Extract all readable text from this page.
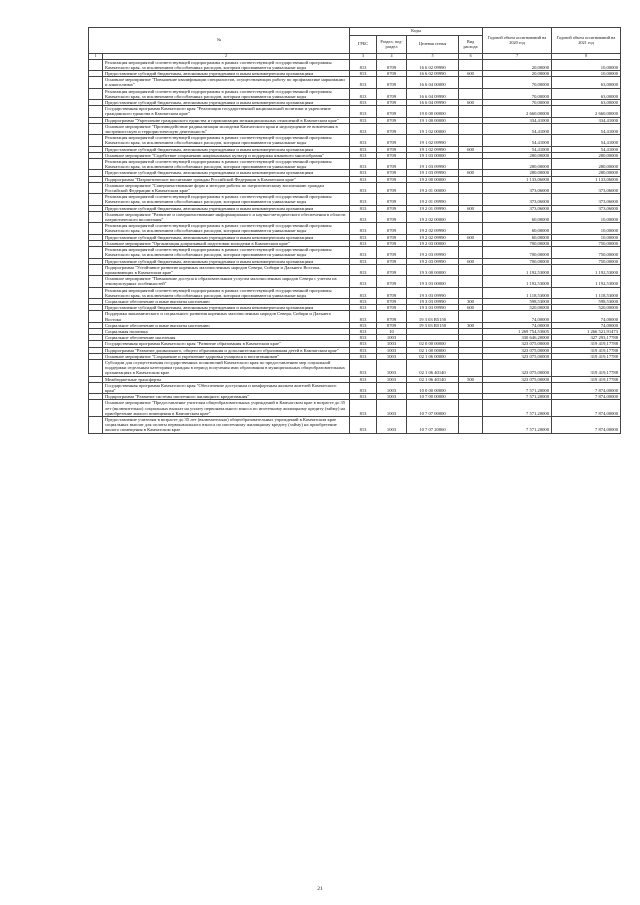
№		Коды				Годовой объем ассигнований на 2020 год	Годовой объем ассигнований на 2021 год
		ГРБС	Раздел, под- раздел	Целевая статья	Вид расхода		
1	2	3	4	5	6	7	8
	Реализация мероприятий соответствующей подпрограммы в рамках соответствующей государственной программы Камчатского края, за исключением обособленных расходов, которым присваиваются уникальные коды	813	0709	16 6 02 09990		20,00000	10,00000
	Предоставление субсидий бюджетным, автономным учреждениям и иным некоммерческим организациям	813	0709	16 6 02 09990	600	20,00000	10,00000
	Основное мероприятие "Повышение квалификации специалистов, осуществляющих работу по профилактике наркомании и алкоголизма"	813	0709	16 6 04 00000		70,00000	63,00000
	Реализация мероприятий соответствующей подпрограммы в рамках соответствующей государственной программы Камчатского края, за исключением обособленных расходов, которым присваиваются уникальные коды	813	0709	16 6 04 09990		70,00000	63,00000
	Предоставление субсидий бюджетным, автономным учреждениям и иным некоммерческим организациям	813	0709	16 6 04 09990	600	70,00000	63,00000
	Государственная программа Камчатского края "Реализация государственной национальной политики и укрепление гражданского единства в Камчатском крае"	813	0709	19 0 00 00000		2 660,00000	2 660,00000
	Подпрограмма "Укрепление гражданского единства и гармонизация межнациональных отношений в Камчатском крае"	813	0709	19 1 00 00000		334,41000	334,41000
	Основное мероприятие "Противодействие радикализации молодежи Камчатского края и недопущение ее вовлечения в экстремистскую и террористическую деятельность"	813	0709	19 1 02 00000		54,41000	54,41000
	Реализация мероприятий соответствующей подпрограммы в рамках соответствующей государственной программы Камчатского края, за исключением обособленных расходов, которым присваиваются уникальные коды	813	0709	19 1 02 09990		54,41000	54,41000
	Предоставление субсидий бюджетным, автономным учреждениям и иным некоммерческим организациям	813	0709	19 1 02 09990	600	54,41000	54,41000
	Основное мероприятие "Содействие сохранению национальных культур и поддержка языкового многообразия"	813	0709	19 1 03 00000		280,00000	280,00000
	Реализация мероприятий соответствующей подпрограммы в рамках соответствующей государственной программы Камчатского края, за исключением обособленных расходов, которым присваиваются уникальные коды	813	0709	19 1 03 09990		280,00000	280,00000
	Предоставление субсидий бюджетным, автономным учреждениям и иным некоммерческим организациям	813	0709	19 1 03 09990	600	280,00000	280,00000
	Подпрограмма "Патриотическое воспитание граждан Российской Федерации в Камчатском крае"	813	0709	19 2 00 00000		1 133,06000	1 133,06000
	Основное мероприятие "Совершенствование форм и методов работы по патриотическому воспитанию граждан Российской Федерации в Камчатском крае"	813	0709	19 2 01 00000		373,06000	373,06000
	Реализация мероприятий соответствующей подпрограммы в рамках соответствующей государственной программы Камчатского края, за исключением обособленных расходов, которым присваиваются уникальные коды	813	0709	19 2 01 09990		373,06000	373,06000
	Предоставление субсидий бюджетным, автономным учреждениям и иным некоммерческим организациям	813	0709	19 2 01 09990	600	373,06000	373,06000
	Основное мероприятие "Развитие и совершенствование информационного и научно-методического обеспечения в области патриотического воспитания"	813	0709	19 2 02 00000		60,00000	10,00000
	Реализация мероприятий соответствующей подпрограммы в рамках соответствующей государственной программы Камчатского края, за исключением обособленных расходов, которым присваиваются уникальные коды	813	0709	19 2 02 09990		60,00000	10,00000
	Предоставление субсидий бюджетным, автономным учреждениям и иным некоммерческим организациям	813	0709	19 2 02 09990	600	60,00000	10,00000
	Основное мероприятие "Организация допризывной подготовки молодежи в Камчатском крае"	813	0709	19 2 03 00000		700,00000	750,00000
	Реализация мероприятий соответствующей подпрограммы в рамках соответствующей государственной программы Камчатского края, за исключением обособленных расходов, которым присваиваются уникальные коды	813	0709	19 2 03 09990		700,00000	750,00000
	Предоставление субсидий бюджетным, автономным учреждениям и иным некоммерческим организациям	813	0709	19 2 03 09990	600	700,00000	750,00000
	Подпрограмма "Устойчивое развитие коренных малочисленных народов Севера, Сибири и Дальнего Востока, проживающих в Камчатском крае"	813	0709	19 3 00 00000		1 192,53000	1 192,53000
	Основное мероприятие "Повышение доступа к образовательным услугам малочисленных народов Севера с учетом их этнокультурных особенностей"	813	0709	19 3 03 00000		1 192,53000	1 192,53000
	Реализация мероприятий соответствующей подпрограммы в рамках соответствующей государственной программы Камчатского края, за исключением обособленных расходов, которым присваиваются уникальные коды	813	0709	19 3 03 09990		1 118,53000	1 118,53000
	Социальное обеспечение и иные выплаты населению	813	0709	19 3 03 09990	300	598,53000	598,53000
	Предоставление субсидий бюджетным, автономным учреждениям и иным некоммерческим организациям	813	0709	19 3 03 09990	600	520,00000	520,00000
	Поддержка экономического и социального развития коренных малочисленных народов Севера, Сибири и Дальнего Востока	813	0709	19 3 03 R5150		74,00000	74,00000
	Социальное обеспечение и иные выплаты населению	813	0709	19 3 03 R5150	300	74,00000	74,00000
	Социальная политика	813	10			1 269 754,53605	1 266 521,91473
	Социальное обеспечение населения	813	1003			330 646,20000	327 293,17788
	Государственная программа Камчатского края "Развитие образования в Камчатском крае"	813	1003	02 0 00 00000		323 075,00000	319 419,17788
	Подпрограмма "Развитие дошкольного, общего образования и дополнительного образования детей в Камчатском крае"	813	1003	02 1 00 00000		323 075,00000	319 419,17788
	Основное мероприятие "Сохранение и укрепление здоровья учащихся и воспитанников"	813	1003	02 1 06 00000		323 075,00000	319 419,17788
	Субсидии для осуществления государственных полномочий Камчатского края по предоставлению мер социальной поддержки отдельным категориям граждан в период получения ими образования в муниципальных общеобразовательных организациях в Камчатском крае	813	1003	02 1 06 40140		323 075,00000	319 419,17788
	Межбюджетные трансферты	813	1003	02 1 06 40140	500	323 075,00000	319 419,17788
	Государственная программа Камчатского края "Обеспечение доступным и комфортным жильем жителей Камчатского края"	813	1003	10 0 00 00000		7 571,20000	7 874,00000
	Подпрограмма "Развитие системы ипотечного жилищного кредитования"	813	1003	10 7 00 00000		7 571,20000	7 874,00000
	Основное мероприятие "Предоставление учителям общеобразовательных учреждений в Камчатском крае в возрасте до 35 лет (включительно) социальных выплат на уплату первоначального взноса по ипотечному жилищному кредиту (займу) на приобретение жилого помещения в Камчатском крае"	813	1003	10 7 07 00000		7 571,20000	7 874,00000
	Предоставление учителям в возрасте до 35 лет (включительно) общеобразовательных учреждений в Камчатском крае социальных выплат для оплаты первоначального взноса по ипотечному жилищному кредиту (займу) на приобретение жилого помещения в Камчатском крае	813	1003	10 7 07 20060		7 571,20000	7 874,00000
21
